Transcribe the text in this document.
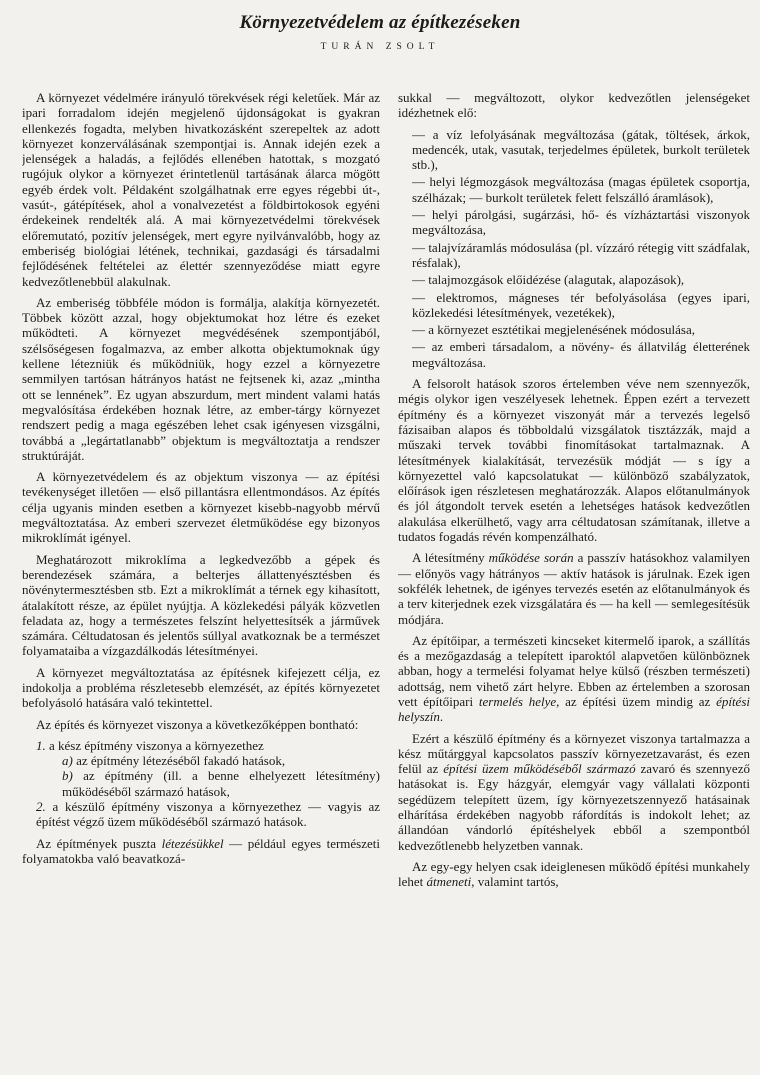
Környezetvédelem az építkezéseken
TURÁN ZSOLT

A környezet védelmére irányuló törekvések régi keletűek. Már az ipari forradalom idején megjelenő újdonságokat is gyakran ellenkezés fogadta, melyben hivatkozásként szerepeltek az adott környezet konzerválásának szempontjai is. Annak idején ezek a jelenségek a haladás, a fejlődés ellenében hatottak, s mozgató rugójuk olykor a környezet érintetlenül tartásának álarca mögött egyéb érdek volt. Példaként szolgálhatnak erre egyes régebbi út-, vasút-, gátépítések, ahol a vonalvezetést a földbirtokosok egyéni érdekeinek rendelték alá. A mai környezetvédelmi törekvések előremutató, pozitív jelenségek, mert egyre nyilvánvalóbb, hogy az emberiség biológiai létének, technikai, gazdasági és társadalmi fejlődésének feltételei az élettér szennyeződése miatt egyre kedvezőtlenebbül alakulnak.

Az emberiség többféle módon is formálja, alakítja környezetét. Többek között azzal, hogy objektumokat hoz létre és ezeket működteti. A környezet megvédésének szempontjából, szélsőségesen fogalmazva, az ember alkotta objektumoknak úgy kellene létezniük és működniük, hogy ezzel a környezetre semmilyen tartósan hátrányos hatást ne fejtsenek ki, azaz „mintha ott se lennének”. Ez ugyan abszurdum, mert mindent valami hatás megvalósítása érdekében hoznak létre, az ember-tárgy környezet rendszert pedig a maga egészében lehet csak igényesen vizsgálni, továbbá a „legártatlanabb” objektum is megváltoztatja a rendszer struktúráját.

A környezetvédelem és az objektum viszonya — az építési tevékenységet illetően — első pillantásra ellentmondásos. Az építés célja ugyanis minden esetben a környezet kisebb-nagyobb mérvű megváltoztatása. Az emberi szervezet életműködése egy bizonyos mikroklímát igényel.

Meghatározott mikroklíma a legkedvezőbb a gépek és berendezések számára, a belterjes állattenyésztésben és növénytermesztésben stb. Ezt a mikroklímát a térnek egy kihasított, átalakított része, az épület nyújtja. A közlekedési pályák közvetlen feladata az, hogy a természetes felszínt helyettesítsék a járművek számára. Céltudatosan és jelentős súllyal avatkoznak be a természet folyamataiba a vízgazdálkodás létesítményei.

A környezet megváltoztatása az építésnek kifejezett célja, ez indokolja a probléma részletesebb elemzését, az építés környezetet befolyásoló hatására való tekintettel.

Az építés és környezet viszonya a következőképpen bontható:

1. a kész építmény viszonya a környezethez
a) az építmény létezéséből fakadó hatások,
b) az építmény (ill. a benne elhelyezett létesítmény) működéséből származó hatások,
2. a készülő építmény viszonya a környezethez — vagyis az építést végző üzem működéséből származó hatások.

Az építmények puszta létezésükkel — például egyes természeti folyamatokba való beavatkozá-

sukkal — megváltozott, olykor kedvezőtlen jelenségeket idézhetnek elő:

— a víz lefolyásának megváltozása (gátak, töltések, árkok, medencék, utak, vasutak, terjedelmes épületek, burkolt területek stb.),

— helyi légmozgások megváltozása (magas épületek csoportja, szélházak; — burkolt területek felett felszálló áramlások),

— helyi párolgási, sugárzási, hő- és vízháztartási viszonyok megváltozása,

— talajvízáramlás módosulása (pl. vízzáró rétegig vitt szádfalak, résfalak),

— talajmozgások előidézése (alagutak, alapozások),

— elektromos, mágneses tér befolyásolása (egyes ipari, közlekedési létesítmények, vezetékek),

— a környezet esztétikai megjelenésének módosulása,

— az emberi társadalom, a növény- és állatvilág életterének megváltozása.

A felsorolt hatások szoros értelemben véve nem szennyezők, mégis olykor igen veszélyesek lehetnek. Éppen ezért a tervezett építmény és a környezet viszonyát már a tervezés legelső fázisaiban alapos és többoldalú vizsgálatok tisztázzák, majd a műszaki tervek további finomításokat tartalmaznak. A létesítmények kialakítását, tervezésük módját — s így a környezettel való kapcsolatukat — különböző szabályzatok, előírások igen részletesen meghatározzák. Alapos előtanulmányok és jól átgondolt tervek esetén a lehetséges hatások kedvezőtlen alakulása elkerülhető, vagy arra céltudatosan számítanak, illetve a tudatos fogadás révén kompenzálható.

A létesítmény működése során a passzív hatásokhoz valamilyen — előnyös vagy hátrányos — aktív hatások is járulnak. Ezek igen sokfélék lehetnek, de igényes tervezés esetén az előtanulmányok és a terv kiterjednek ezek vizsgálatára és — ha kell — semlegesítésük módjára.

Az építőipar, a természeti kincseket kitermelő iparok, a szállítás és a mezőgazdaság a telepített iparoktól alapvetően különböznek abban, hogy a termelési folyamat helye külső (részben természeti) adottság, nem vihető zárt helyre. Ebben az értelemben a szorosan vett építőipari termelés helye, az építési üzem mindig az építési helyszín.

Ezért a készülő építmény és a környezet viszonya tartalmazza a kész műtárggyal kapcsolatos passzív környezetzavarást, és ezen felül az építési üzem működéséből származó zavaró és szennyező hatásokat is. Egy házgyár, elemgyár vagy vállalati központi segédüzem telepített üzem, így környezetszennyező hatásainak elhárítása érdekében nagyobb ráfordítás is indokolt lehet; az állandóan vándorló építéshelyek ebből a szempontból kedvezőtlenebb helyzetben vannak.

Az egy-egy helyen csak ideiglenesen működő építési munkahely lehet átmeneti, valamint tartós,
